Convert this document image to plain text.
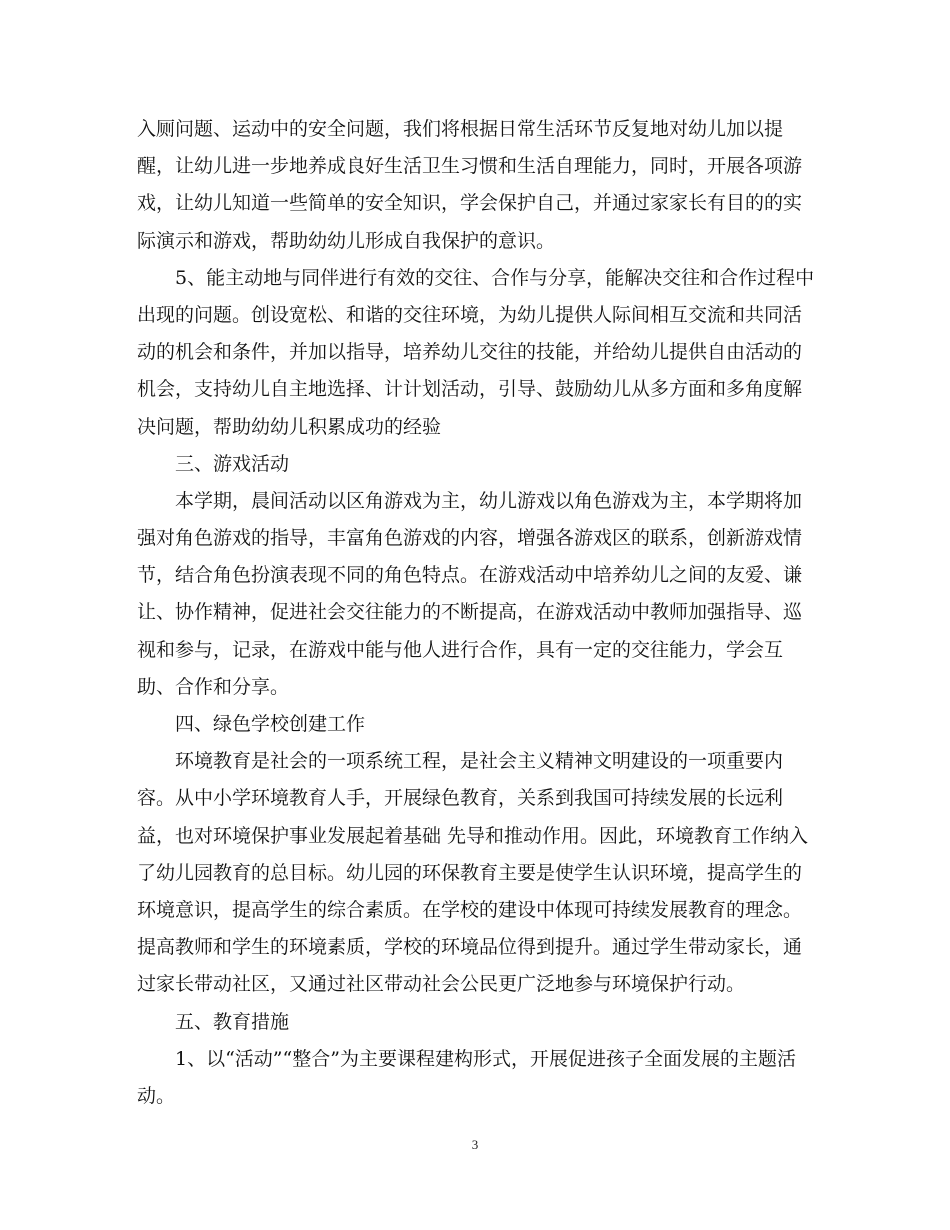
入厕问题、运动中的安全问题，我们将根据日常生活环节反复地对幼儿加以提
醒，让幼儿进一步地养成良好生活卫生习惯和生活自理能力，同时，开展各项游
戏，让幼儿知道一些简单的安全知识，学会保护自己，并通过家家长有目的的实
际演示和游戏，帮助幼幼儿形成自我保护的意识。
5、能主动地与同伴进行有效的交往、合作与分享，能解决交往和合作过程中
出现的问题。创设宽松、和谐的交往环境，为幼儿提供人际间相互交流和共同活
动的机会和条件，并加以指导，培养幼儿交往的技能，并给幼儿提供自由活动的
机会，支持幼儿自主地选择、计计划活动，引导、鼓励幼儿从多方面和多角度解
决问题，帮助幼幼儿积累成功的经验
三、游戏活动
本学期，晨间活动以区角游戏为主，幼儿游戏以角色游戏为主，本学期将加
强对角色游戏的指导，丰富角色游戏的内容，增强各游戏区的联系，创新游戏情
节，结合角色扮演表现不同的角色特点。在游戏活动中培养幼儿之间的友爱、谦
让、协作精神，促进社会交往能力的不断提高，在游戏活动中教师加强指导、巡
视和参与，记录，在游戏中能与他人进行合作，具有一定的交往能力，学会互
助、合作和分享。
四、绿色学校创建工作
环境教育是社会的一项系统工程，是社会主义精神文明建设的一项重要内
容。从中小学环境教育人手，开展绿色教育，关系到我国可持续发展的长远利
益，也对环境保护事业发展起着基础 先导和推动作用。因此，环境教育工作纳入
了幼儿园教育的总目标。幼儿园的环保教育主要是使学生认识环境，提高学生的
环境意识，提高学生的综合素质。在学校的建设中体现可持续发展教育的理念。
提高教师和学生的环境素质，学校的环境品位得到提升。通过学生带动家长，通
过家长带动社区，又通过社区带动社会公民更广泛地参与环境保护行动。
五、教育措施
1、以“活动”“整合”为主要课程建构形式，开展促进孩子全面发展的主题活
动。
3
